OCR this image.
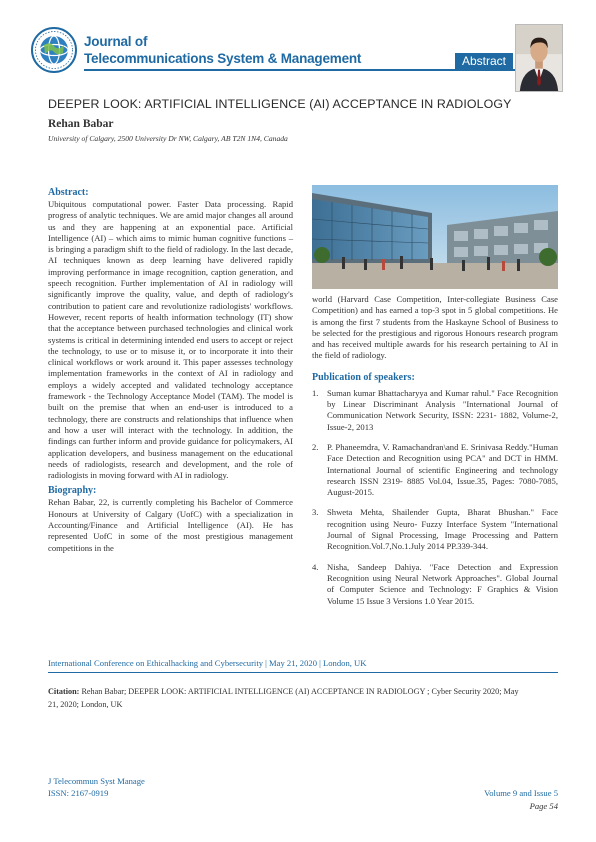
Journal of
Telecommunications System & Management	Abstract
DEEPER LOOK: ARTIFICIAL INTELLIGENCE (AI) ACCEPTANCE IN RADIOLOGY
Rehan Babar
University of Calgary, 2500 University Dr NW, Calgary, AB T2N 1N4, Canada
Abstract:

Ubiquitous computational power. Faster Data processing. Rapid progress of analytic techniques. We are amid major changes all around us and they are happening at an exponential pace. Artificial Intelligence (AI) – which aims to mimic human cognitive functions – is bringing a paradigm shift to the field of radiology. In the last decade, AI techniques known as deep learning have delivered rapidly improving performance in image recognition, caption generation, and speech recognition. Further implementation of AI in radiology will significantly improve the quality, value, and depth of radiology's contribution to patient care and revolutionize radiologists' workflows. However, recent reports of health information technology (IT) show that the acceptance between purchased technologies and clinical work systems is critical in determining intended end users to accept or reject the technology, to use or to misuse it, or to incorporate it into their clinical workflows or work around it. This paper assesses technology implementation frameworks in the context of AI in radiology and employs a widely accepted and validated technology acceptance framework - the Technology Acceptance Model (TAM). The model is built on the premise that when an end-user is introduced to a technology, there are constructs and relationships that influence when and how a user will interact with the technology. In addition, the findings can further inform and provide guidance for policymakers, AI application developers, and business management on the educational needs of radiologists, research and development, and the role of radiologists in moving forward with AI in radiology.

Biography:

Rehan Babar, 22, is currently completing his Bachelor of Commerce Honours at University of Calgary (UofC) with a specialization in Accounting/Finance and Artificial Intelligence (AI). He has represented UofC in some of the most prestigious management competitions in the

world (Harvard Case Competition, Inter-collegiate Business Case Competition) and has earned a top-3 spot in 5 global competitions. He is among the first 7 students from the Haskayne School of Business to be selected for the prestigious and rigorous Honours research program and has received multiple awards for his research pertaining to AI in the field of radiology.

Publication of speakers:
1. Suman kumar Bhattacharyya and Kumar rahul." Face Recognition by Linear Discriminant Analysis "International Journal of Communication Network Security, ISSN: 2231- 1882, Volume-2, Issue-2, 2013
2. P. Phaneemdra, V. Ramachandran\and E. Srinivasa Reddy."Human Face Detection and Recognition using PCA" and DCT in HMM. International Journal of scientific Engineering and technology research ISSN 2319- 8885 Vol.04, Issue.35, Pages: 7080-7085, August-2015.
3. Shweta Mehta, Shailender Gupta, Bharat Bhushan." Face recognition using Neuro- Fuzzy Interface System "International Journal of Signal Processing, Image Processing and Pattern Recognition.Vol.7,No.1.July 2014 PP.339-344.
4. Nisha, Sandeep Dahiya. "Face Detection and Expression Recognition using Neural Network Approaches". Global Journal of Computer Science and Technology: F Graphics & Vision Volume 15 Issue 3 Versions 1.0 Year 2015.
International Conference on Ethicalhacking and Cybersecurity | May 21, 2020 | London, UK
Citation: Rehan Babar; DEEPER LOOK: ARTIFICIAL INTELLIGENCE (AI) ACCEPTANCE IN RADIOLOGY ; Cyber Security 2020; May 21, 2020; London, UK
J Telecommun Syst Manage
ISSN: 2167-0919	Volume 9 and Issue 5
Page 54
